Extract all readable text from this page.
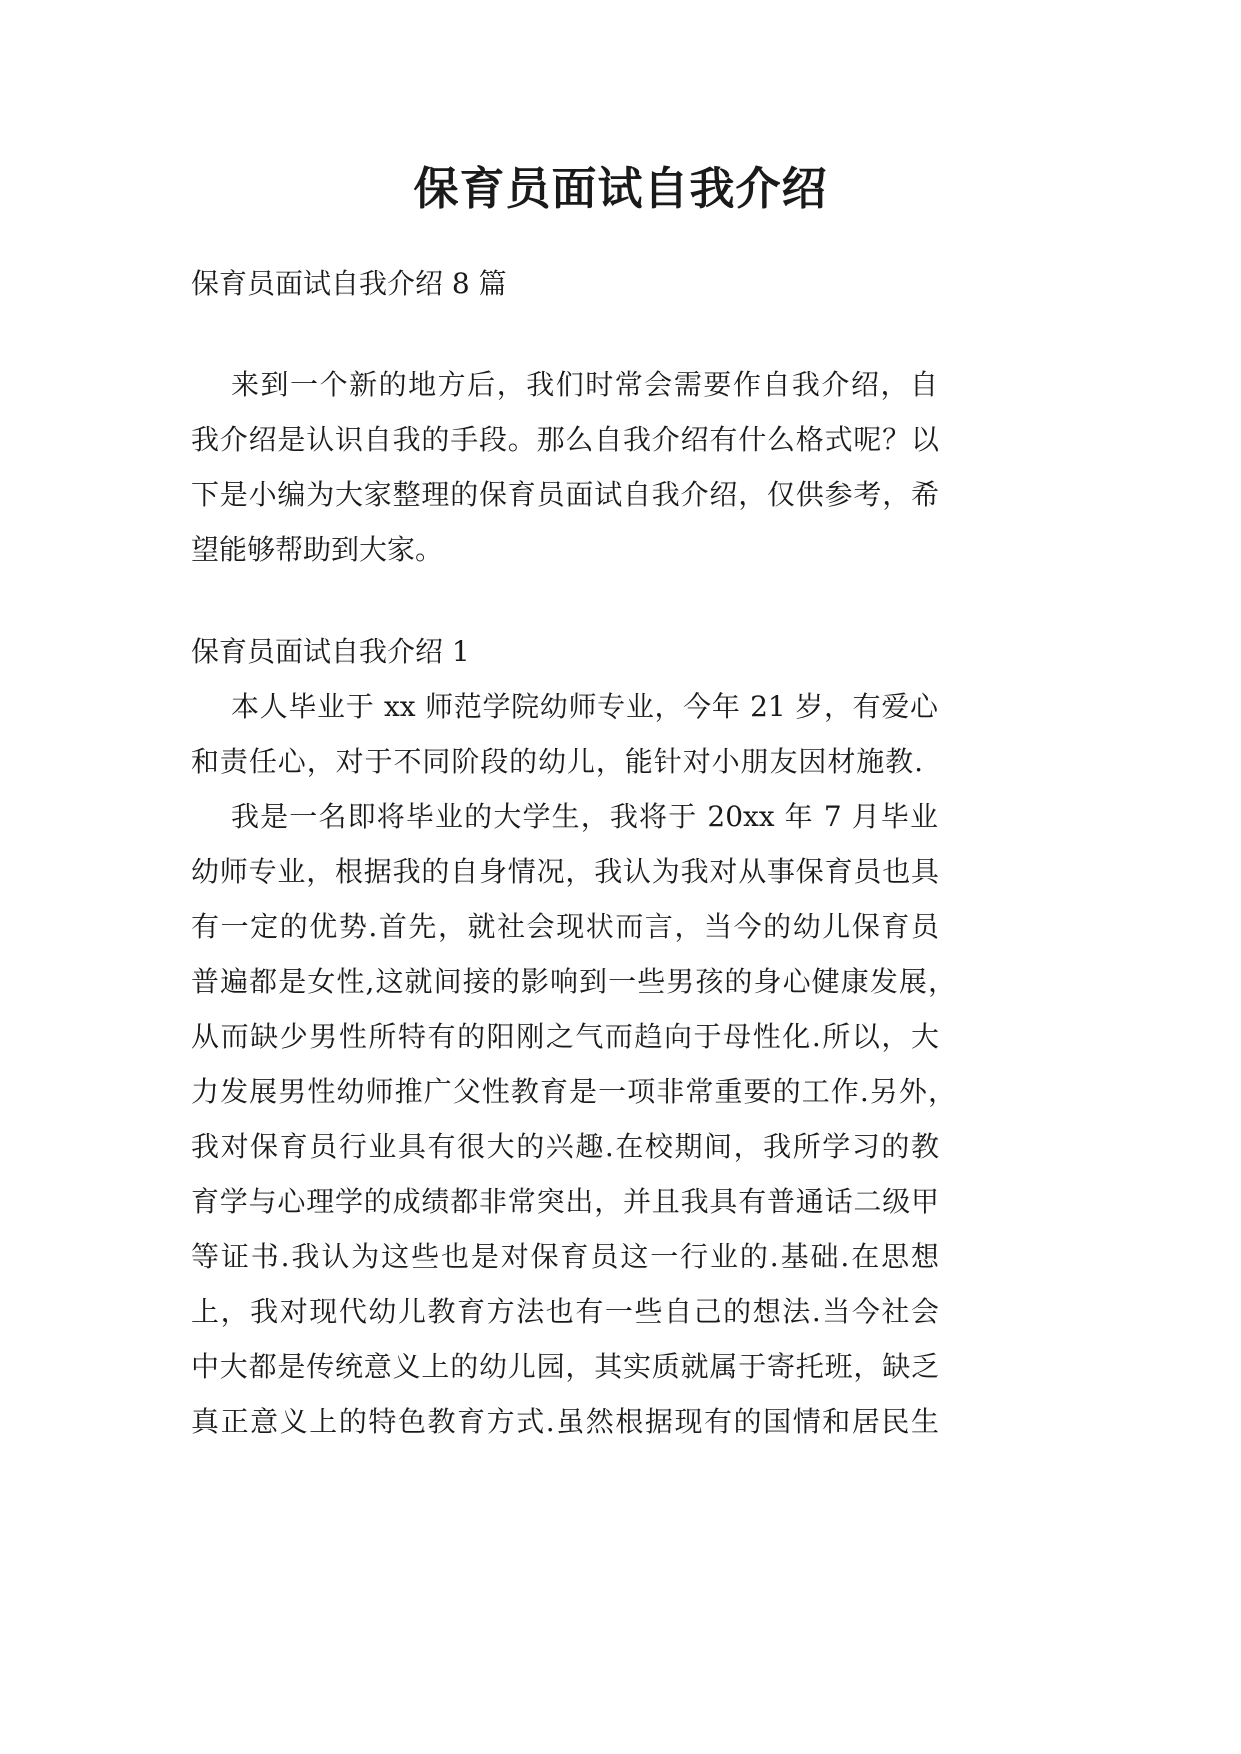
保育员面试自我介绍
保育员面试自我介绍 8 篇
来到一个新的地方后，我们时常会需要作自我介绍，自
我介绍是认识自我的手段。那么自我介绍有什么格式呢？以
下是小编为大家整理的保育员面试自我介绍，仅供参考，希
望能够帮助到大家。
保育员面试自我介绍 1
本人毕业于 xx 师范学院幼师专业，今年 21 岁，有爱心
和责任心，对于不同阶段的幼儿，能针对小朋友因材施教.
我是一名即将毕业的大学生，我将于 20xx 年 7 月毕业
幼师专业，根据我的自身情况，我认为我对从事保育员也具
有一定的优势.首先，就社会现状而言，当今的幼儿保育员
普遍都是女性,这就间接的影响到一些男孩的身心健康发展，
从而缺少男性所特有的阳刚之气而趋向于母性化.所以，大
力发展男性幼师推广父性教育是一项非常重要的工作.另外，
我对保育员行业具有很大的兴趣.在校期间，我所学习的教
育学与心理学的成绩都非常突出，并且我具有普通话二级甲
等证书.我认为这些也是对保育员这一行业的.基础.在思想
上，我对现代幼儿教育方法也有一些自己的想法.当今社会
中大都是传统意义上的幼儿园，其实质就属于寄托班，缺乏
真正意义上的特色教育方式.虽然根据现有的国情和居民生
